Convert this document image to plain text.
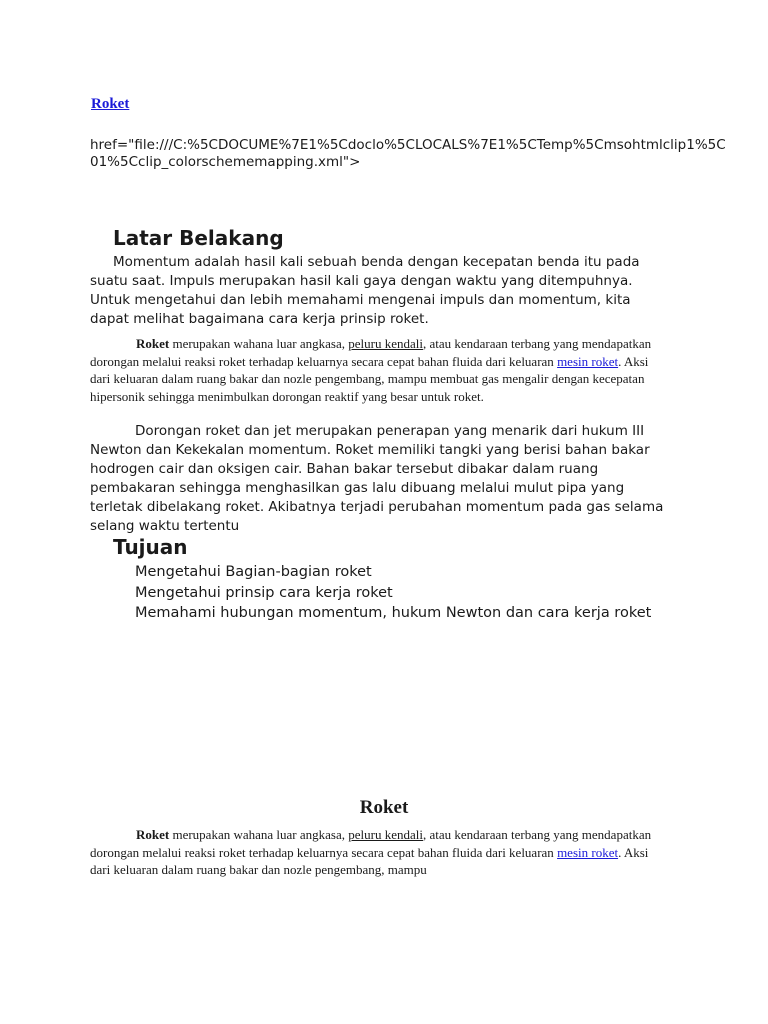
Roket
href="file:///C:%5CDOCUME%7E1%5Cdoclo%5CLOCALS%7E1%5CTemp%5Cmsohtmlclip1%5C01%5Cclip_colorschememapping.xml">
Latar Belakang

Momentum adalah hasil kali sebuah benda dengan kecepatan benda itu pada suatu saat. Impuls merupakan hasil kali gaya dengan waktu yang ditempuhnya. Untuk mengetahui dan lebih memahami mengenai impuls dan momentum, kita dapat melihat bagaimana cara kerja prinsip roket.

Roket merupakan wahana luar angkasa, peluru kendali, atau kendaraan terbang yang mendapatkan dorongan melalui reaksi roket terhadap keluarnya secara cepat bahan fluida dari keluaran mesin roket. Aksi dari keluaran dalam ruang bakar dan nozle pengembang, mampu membuat gas mengalir dengan kecepatan hipersonik sehingga menimbulkan dorongan reaktif yang besar untuk roket.

Dorongan roket dan jet merupakan penerapan yang menarik dari hukum III Newton dan Kekekalan momentum. Roket memiliki tangki yang berisi bahan bakar hodrogen cair dan oksigen cair. Bahan bakar tersebut dibakar dalam ruang pembakaran sehingga menghasilkan gas lalu dibuang melalui mulut pipa yang terletak dibelakang roket. Akibatnya terjadi perubahan momentum pada gas selama selang waktu tertentu

Tujuan
Mengetahui Bagian-bagian roket
Mengetahui prinsip cara kerja roket
Memahami hubungan momentum, hukum Newton dan cara kerja roket
Roket

Roket merupakan wahana luar angkasa, peluru kendali, atau kendaraan terbang yang mendapatkan dorongan melalui reaksi roket terhadap keluarnya secara cepat bahan fluida dari keluaran mesin roket. Aksi dari keluaran dalam ruang bakar dan nozle pengembang, mampu
